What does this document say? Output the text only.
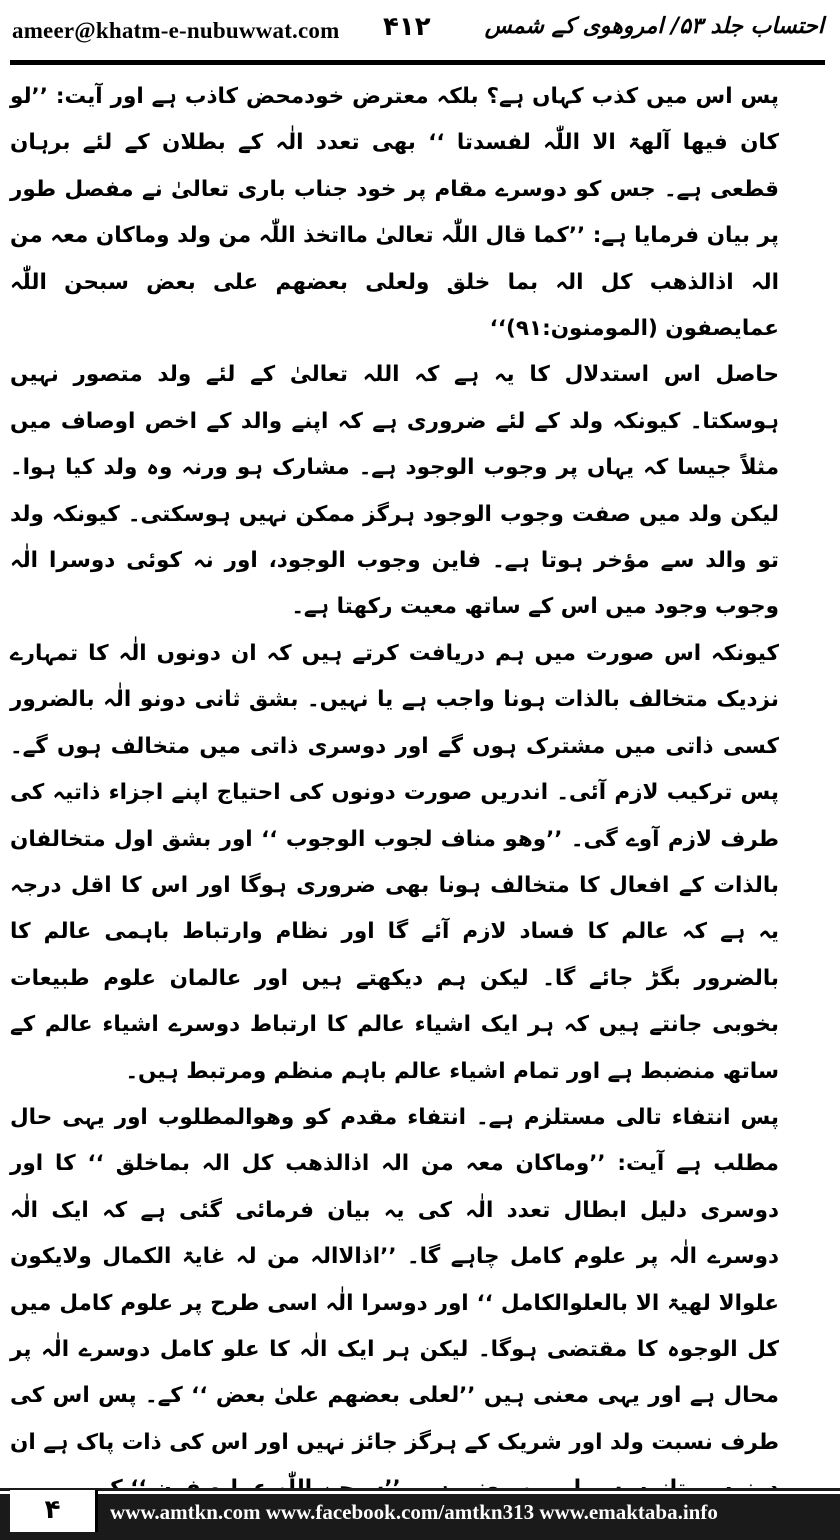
ameer@khatm-e-nubuwwat.com ۴۱۲ احتساب جلد ۵۳/ امروھوی کے شمس

پس اس میں کذب کہاں ہے؟ بلکہ معترض خودمحض کاذب ہے اور آیت: ’’لو کان فیھا آلھۃ الا اللّٰہ لفسدتا ‘‘ بھی تعدد الٰہ کے بطلان کے لئے برہان قطعی ہے۔ جس کو دوسرے مقام پر خود جناب باری تعالیٰ نے مفصل طور پر بیان فرمایا ہے: ’’کما قال اللّٰہ تعالیٰ مااتخذ اللّٰہ من ولد وماکان معہ من الہ اذالذھب کل الہ بما خلق ولعلی بعضھم علی بعض سبحن اللّٰہ عمایصفون (المومنون:۹۱)‘‘

حاصل اس استدلال کا یہ ہے کہ اللہ تعالیٰ کے لئے ولد متصور نہیں ہوسکتا۔ کیونکہ ولد کے لئے ضروری ہے کہ اپنے والد کے اخص اوصاف میں مثلاً جیسا کہ یہاں پر وجوب الوجود ہے۔ مشارک ہو ورنہ وہ ولد کیا ہوا۔ لیکن ولد میں صفت وجوب الوجود ہرگز ممکن نہیں ہوسکتی۔ کیونکہ ولد تو والد سے مؤخر ہوتا ہے۔ فاین وجوب الوجود، اور نہ کوئی دوسرا الٰہ وجوب وجود میں اس کے ساتھ معیت رکھتا ہے۔

کیونکہ اس صورت میں ہم دریافت کرتے ہیں کہ ان دونوں الٰہ کا تمہارے نزدیک متخالف بالذات ہونا واجب ہے یا نہیں۔ بشق ثانی دونو الٰہ بالضرور کسی ذاتی میں مشترک ہوں گے اور دوسری ذاتی میں متخالف ہوں گے۔ پس ترکیب لازم آئی۔ اندریں صورت دونوں کی احتیاج اپنے اجزاء ذاتیہ کی طرف لازم آوے گی۔ ’’وھو مناف لجوب الوجوب ‘‘ اور بشق اول متخالفان بالذات کے افعال کا متخالف ہونا بھی ضروری ہوگا اور اس کا اقل درجہ یہ ہے کہ عالم کا فساد لازم آئے گا اور نظام وارتباط باہمی عالم کا بالضرور بگڑ جائے گا۔ لیکن ہم دیکھتے ہیں اور عالمان علوم طبیعات بخوبی جانتے ہیں کہ ہر ایک اشیاء عالم کا ارتباط دوسرے اشیاء عالم کے ساتھ منضبط ہے اور تمام اشیاء عالم باہم منظم ومرتبط ہیں۔

پس انتفاء تالی مستلزم ہے۔ انتفاء مقدم کو وھوالمطلوب اور یہی حال مطلب ہے آیت: ’’وماکان معہ من الہ اذالذھب کل الہ بماخلق ‘‘ کا اور دوسری دلیل ابطال تعدد الٰہ کی یہ بیان فرمائی گئی ہے کہ ایک الٰہ دوسرے الٰہ پر علوم کامل چاہے گا۔ ’’اذالاالہ من لہ غایۃ الکمال ولایکون علوالا لھیۃ الا بالعلوالکامل ‘‘ اور دوسرا الٰہ اسی طرح پر علوم کامل میں کل الوجوہ کا مقتضی ہوگا۔ لیکن ہر ایک الٰہ کا علو کامل دوسرے الٰہ پر محال ہے اور یہی معنی ہیں ’’لعلی بعضھم علیٰ بعض ‘‘ کے۔ پس اس کی طرف نسبت ولد اور شریک کے ہرگز جائز نہیں اور اس کی ذات پاک ہے ان

۴	www.amtkn.com www.facebook.com/amtkn313 www.emaktaba.info
